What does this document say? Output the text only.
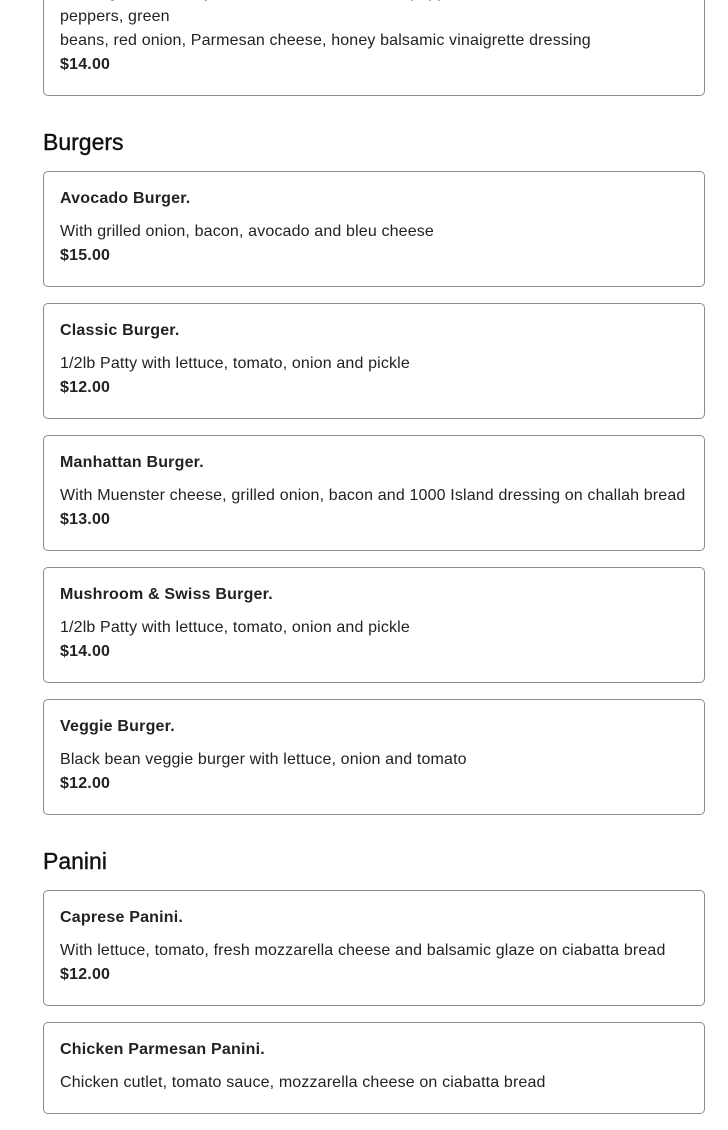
peppers, green
beans, red onion, Parmesan cheese, honey balsamic vinaigrette dressing

$14.00

Burgers

Avocado Burger.

With grilled onion, bacon, avocado and bleu cheese

$15.00

Classic Burger.

1/2lb Patty with lettuce, tomato, onion and pickle

$12.00

Manhattan Burger.

With Muenster cheese, grilled onion, bacon and 1000 Island dressing on challah bread

$13.00

Mushroom & Swiss Burger.

1/2lb Patty with lettuce, tomato, onion and pickle

$14.00

Veggie Burger.

Black bean veggie burger with lettuce, onion and tomato

$12.00

Panini

Caprese Panini.

With lettuce, tomato, fresh mozzarella cheese and balsamic glaze on ciabatta bread

$12.00

Chicken Parmesan Panini.

Chicken cutlet, tomato sauce, mozzarella cheese on ciabatta bread
